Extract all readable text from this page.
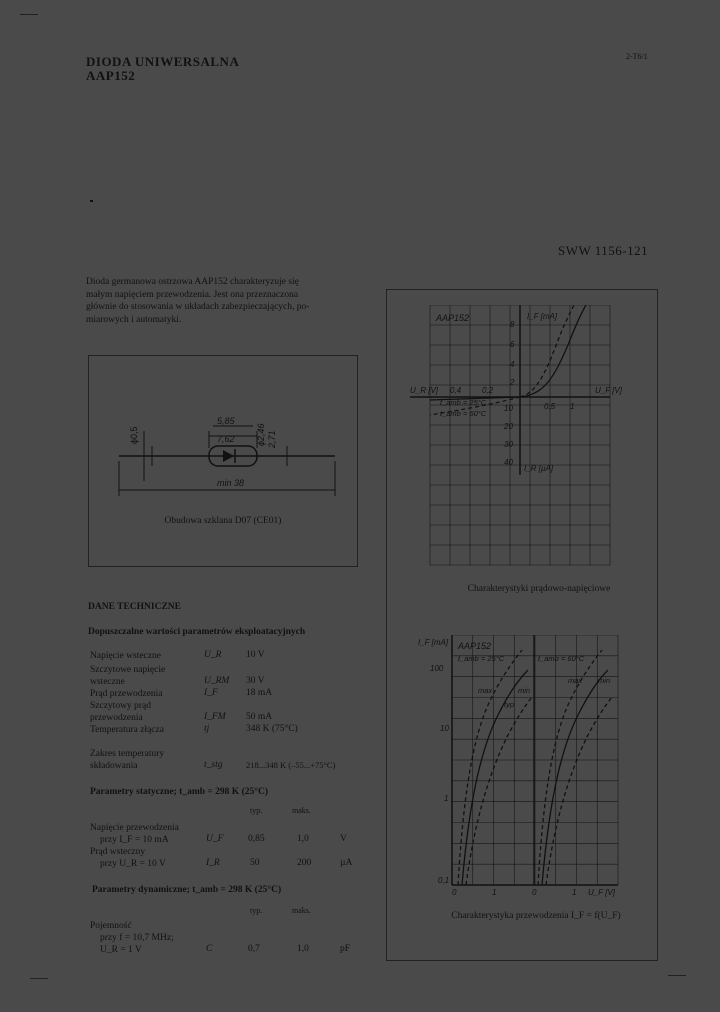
DIODA UNIWERSALNA
AAP152
2-T6/1
SWW 1156-121
Dioda germanowa ostrzowa AAP152 charakteryzuje się
małym napięciem przewodzenia. Jest ona przeznaczona
głównie do stosowania w układach zabezpieczających, po-
miarowych i automatyki.
ϕ0,5
5,85
7,62 ϕ2,46 2,71
min 38
Obudowa szklana D07 (CE01)
DANE TECHNICZNE
Dopuszczalne wartości parametrów eksploatacyjnych
Napięcie wsteczne	U_R	10 V
Szczytowe napięcie wsteczne	U_RM 30 V
Prąd przewodzenia	I_F	18 mA
Szczytowy prąd przewodzenia	I_FM 50 mA
Temperatura złącza	tj	348 K (75°C)
Zakres temperatury składowania	t_stg	218...348 K (–55...+75°C)
Parametry statyczne; t_amb = 298 K (25°C)
typ.	maks.
Napięcie przewodzenia
przy I_F = 10 mA	U_F	0,85	1,0	V
Prąd wsteczny
przy U_R = 10 V	I_R	50	200	µA
Parametry dynamiczne; t_amb = 298 K (25°C)
typ.	maks.
Pojemność
przy f = 10,7 MHz;
U_R = 1 V	C	0,7	1,0	pF
AAP152	I_F [mA]
8
6
4
2
U_R [V]	U_F [V]
0,4	0,2
0,5 1
t_amb = 25°C
t_amb = 60°C
10
20
30
40
I_R [µA]
Charakterystyki prądowo-napięciowe
I_F [mA] AAP152
t_amb = 25°C	t_amb = 60°C
100
10
1
0,1
0	1	0	1 U_F [V]
max
typ
min
max min
Charakterystyka przewodzenia I_F = f(U_F)
